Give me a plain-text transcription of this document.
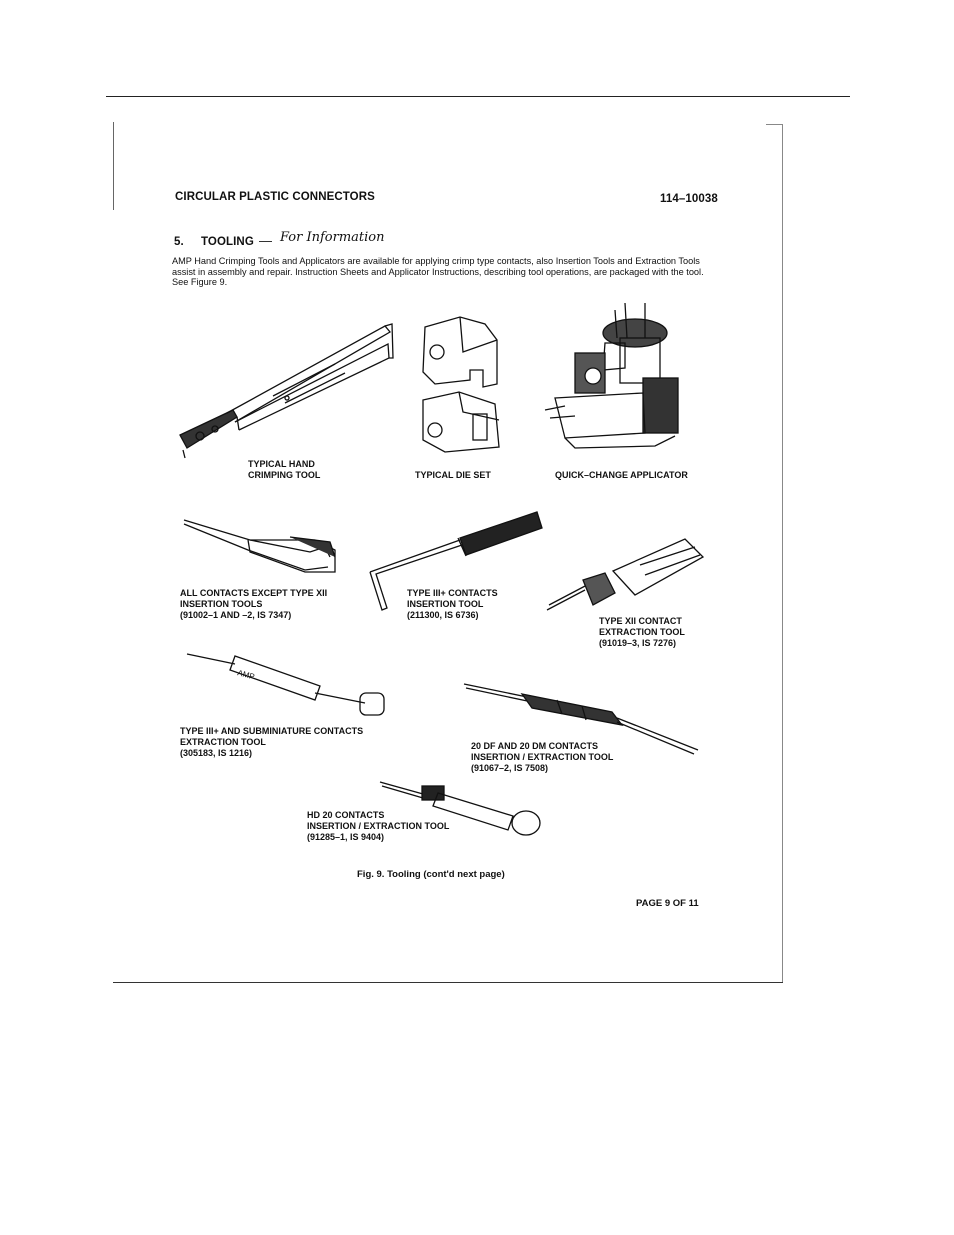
CIRCULAR PLASTIC CONNECTORS	114–10038
5. TOOLING — For Information
AMP Hand Crimping Tools and Applicators are available for applying crimp type contacts, also Insertion Tools and Extraction Tools assist in assembly and repair. Instruction Sheets and Applicator Instructions, describing tool operations, are packaged with the tool. See Figure 9.
TYPICAL HAND
CRIMPING TOOL	TYPICAL DIE SET	QUICK–CHANGE APPLICATOR
ALL CONTACTS EXCEPT TYPE XII
INSERTION TOOLS
(91002–1 AND –2, IS 7347)
TYPE III+ CONTACTS
INSERTION TOOL
(211300, IS 6736)
TYPE XII CONTACT
EXTRACTION TOOL
(91019–3, IS 7276)
AMP
TYPE III+ AND SUBMINIATURE CONTACTS
EXTRACTION TOOL
(305183, IS 1216)
20 DF AND 20 DM CONTACTS
INSERTION / EXTRACTION TOOL
(91067–2, IS 7508)
HD 20 CONTACTS
INSERTION / EXTRACTION TOOL
(91285–1, IS 9404)
Fig. 9. Tooling (cont'd next page)
PAGE 9 OF 11
